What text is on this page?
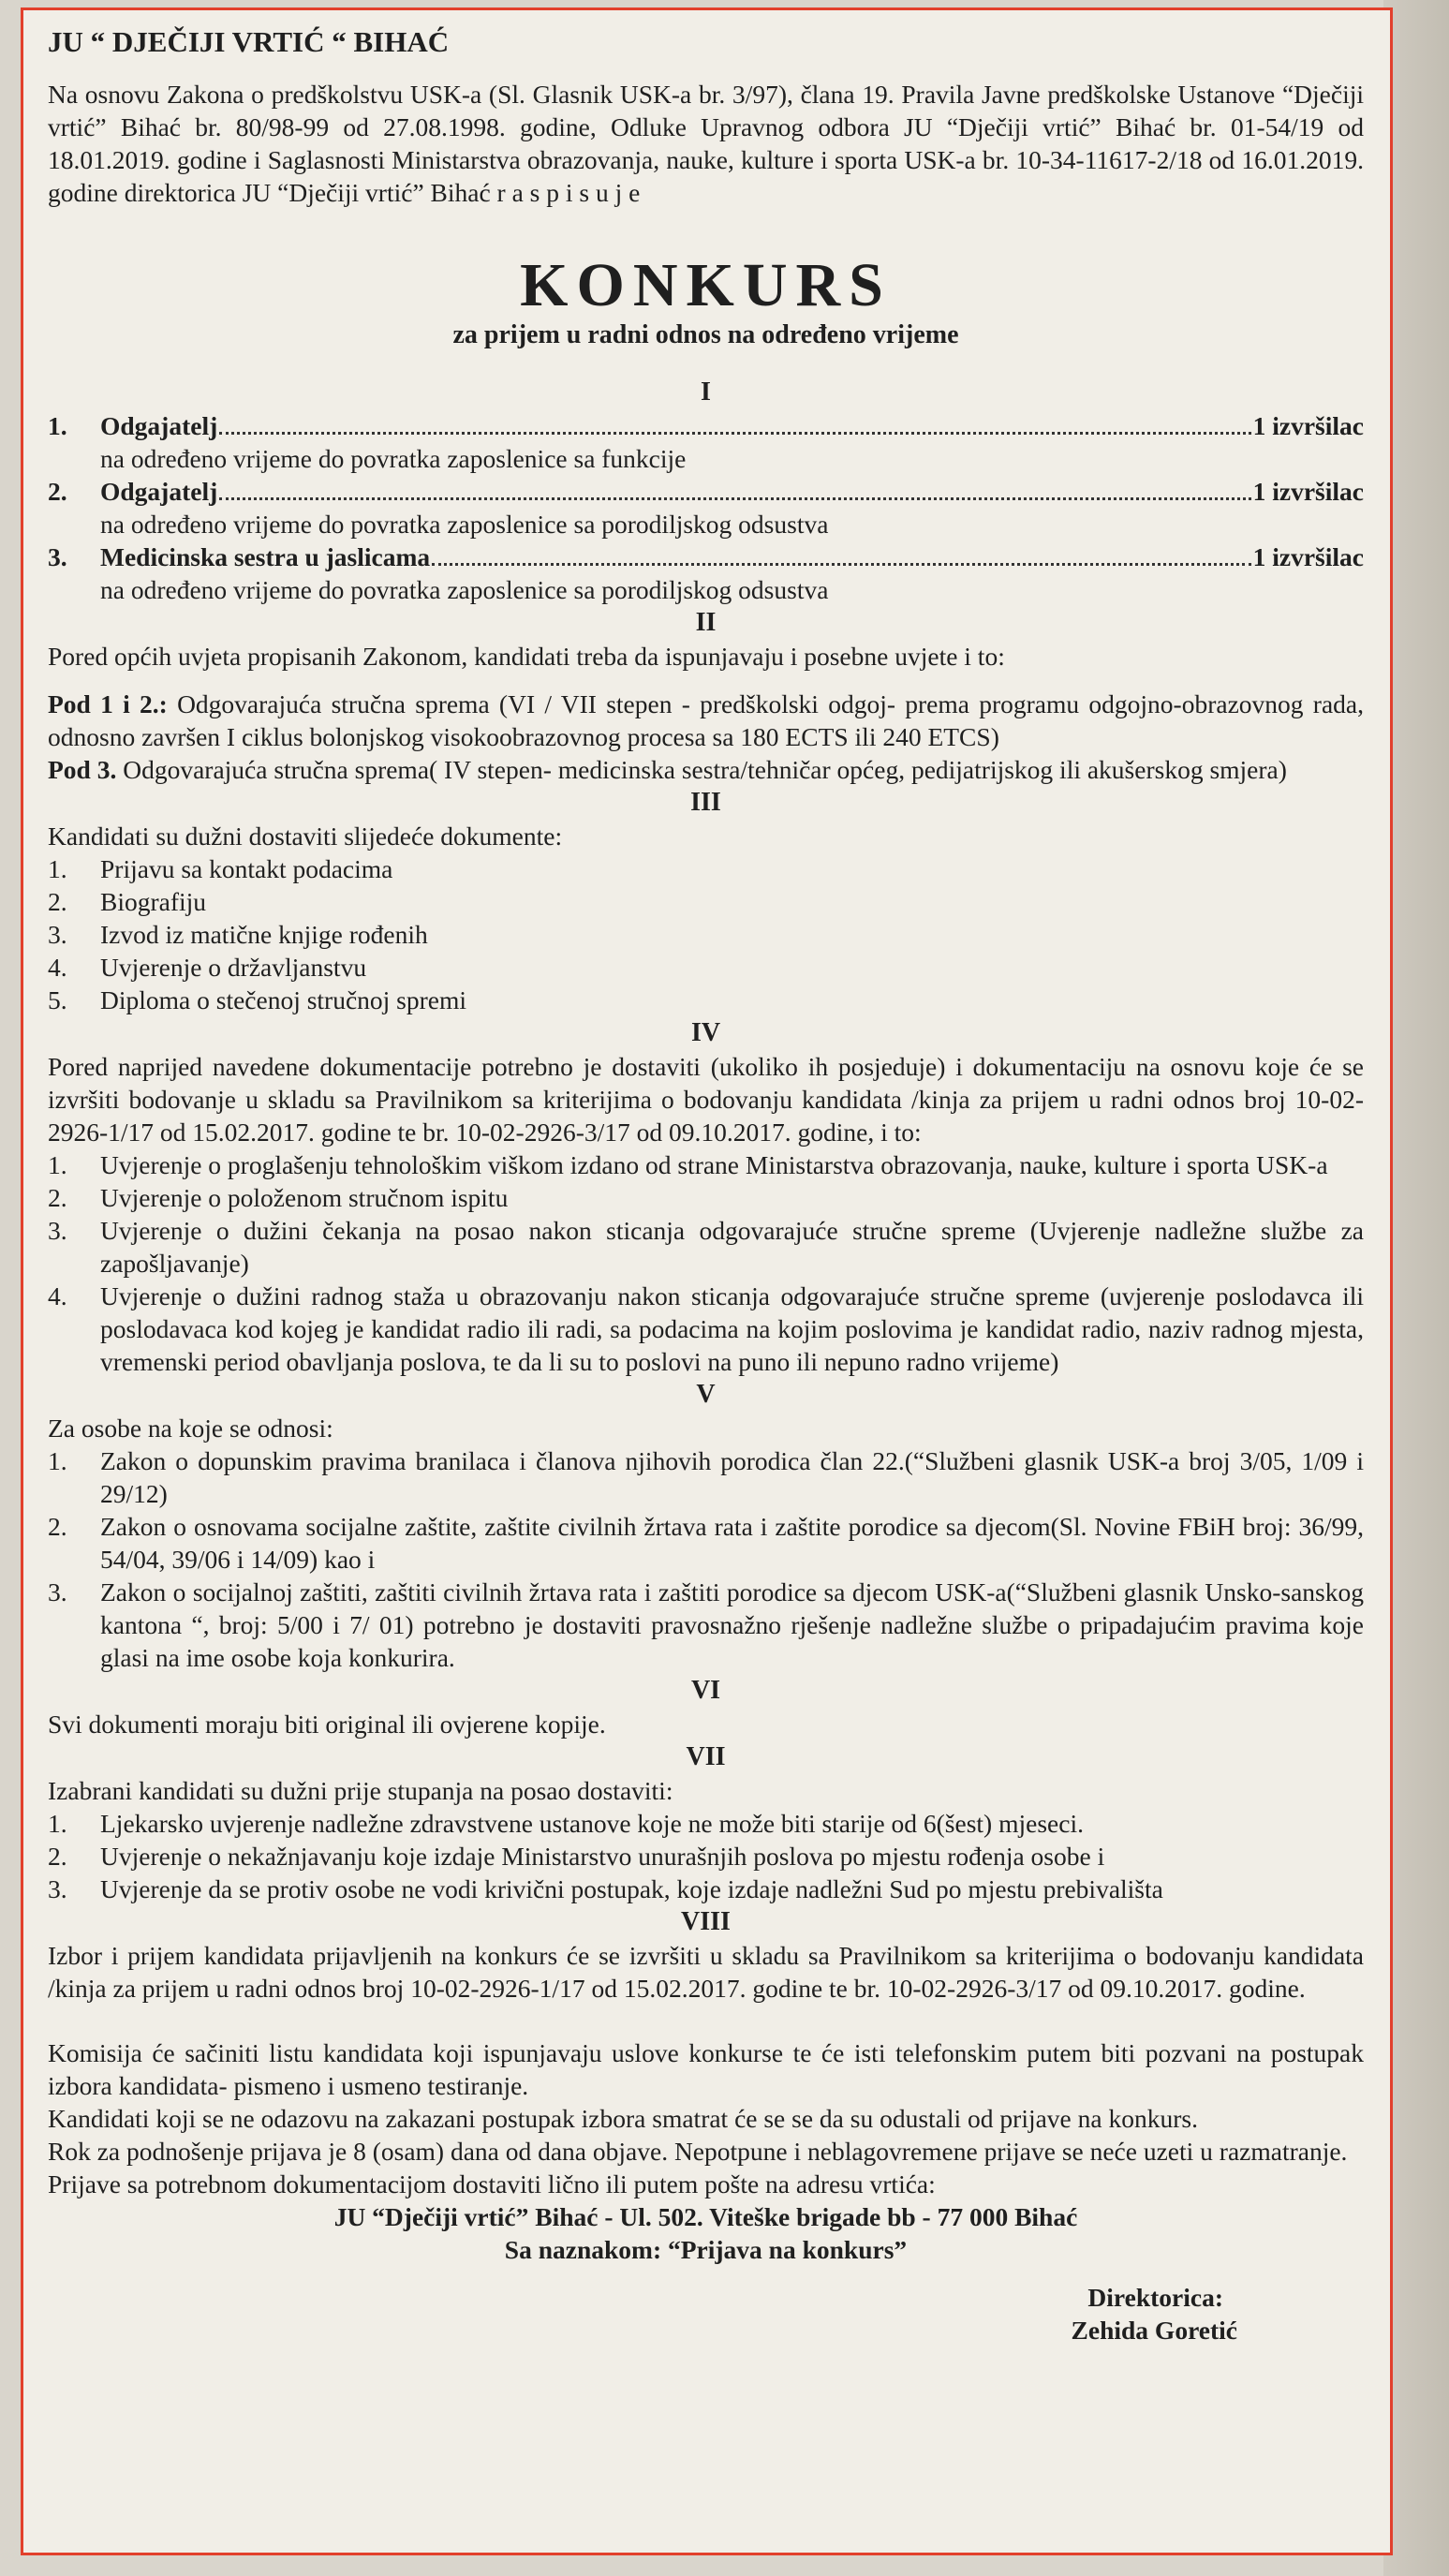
JU “ DJEČIJI VRTIĆ “ BIHAĆ

Na osnovu Zakona o predškolstvu USK-a (Sl. Glasnik USK-a br. 3/97), člana 19. Pravila Javne predškolske Ustanove “Dječiji vrtić” Bihać br. 80/98-99 od 27.08.1998. godine, Odluke Upravnog odbora JU “Dječiji vrtić” Bihać br. 01-54/19 od 18.01.2019. godine i Saglasnosti Ministarstva obrazovanja, nauke, kulture i sporta USK-a br. 10-34-11617-2/18 od 16.01.2019. godine direktorica JU “Dječiji vrtić” Bihać r a s p i s u j e

KONKURS
za prijem u radni odnos na određeno vrijeme
I
1.	Odgajatelj	1 izvršilac
na određeno vrijeme do povratka zaposlenice sa funkcije
2.	Odgajatelj	1 izvršilac
na određeno vrijeme do povratka zaposlenice sa porodiljskog odsustva
3.	Medicinska sestra u jaslicama	1 izvršilac
na određeno vrijeme do povratka zaposlenice sa porodiljskog odsustva
II

Pored općih uvjeta propisanih Zakonom, kandidati treba da ispunjavaju i posebne uvjete i to:

Pod 1 i 2.: Odgovarajuća stručna sprema (VI / VII stepen - predškolski odgoj- prema programu odgojno-obrazovnog rada, odnosno završen I ciklus bolonjskog visokoobrazovnog procesa sa 180 ECTS ili 240 ETCS)

Pod 3. Odgovarajuća stručna sprema( IV stepen- medicinska sestra/tehničar općeg, pedijatrijskog ili akušerskog smjera)

III

Kandidati su dužni dostaviti slijedeće dokumente:

1.	Prijavu sa kontakt podacima
2.	Biografiju
3.	Izvod iz matične knjige rođenih
4.	Uvjerenje o državljanstvu
5.	Diploma o stečenoj stručnoj spremi
IV

Pored naprijed navedene dokumentacije potrebno je dostaviti (ukoliko ih posjeduje) i dokumentaciju na osnovu koje će se izvršiti bodovanje u skladu sa Pravilnikom sa kriterijima o bodovanju kandidata /kinja za prijem u radni odnos broj 10-02-2926-1/17 od 15.02.2017. godine te br. 10-02-2926-3/17 od 09.10.2017. godine, i to:

1.	Uvjerenje o proglašenju tehnološkim viškom izdano od strane Ministarstva obrazovanja, nauke, kulture i sporta USK-a
2.	Uvjerenje o položenom stručnom ispitu
3.	Uvjerenje o dužini čekanja na posao nakon sticanja odgovarajuće stručne spreme (Uvjerenje nadležne službe za zapošljavanje)
4.	Uvjerenje o dužini radnog staža u obrazovanju nakon sticanja odgovarajuće stručne spreme (uvjerenje poslodavca ili poslodavaca kod kojeg je kandidat radio ili radi, sa podacima na kojim poslovima je kandidat radio, naziv radnog mjesta, vremenski period obavljanja poslova, te da li su to poslovi na puno ili nepuno radno vrijeme)
V

Za osobe na koje se odnosi:

1.	Zakon o dopunskim pravima branilaca i članova njihovih porodica član 22.(“Službeni glasnik USK-a broj 3/05, 1/09 i 29/12)
2.	Zakon o osnovama socijalne zaštite, zaštite civilnih žrtava rata i zaštite porodice sa djecom(Sl. Novine FBiH broj: 36/99, 54/04, 39/06 i 14/09) kao i
3.	Zakon o socijalnoj zaštiti, zaštiti civilnih žrtava rata i zaštiti porodice sa djecom USK-a(“Službeni glasnik Unsko-sanskog kantona “, broj: 5/00 i 7/ 01) potrebno je dostaviti pravosnažno rješenje nadležne službe o pripadajućim pravima koje glasi na ime osobe koja konkurira.
VI

Svi dokumenti moraju biti original ili ovjerene kopije.

VII

Izabrani kandidati su dužni prije stupanja na posao dostaviti:

1.	Ljekarsko uvjerenje nadležne zdravstvene ustanove koje ne može biti starije od 6(šest) mjeseci.
2.	Uvjerenje o nekažnjavanju koje izdaje Ministarstvo unurašnjih poslova po mjestu rođenja osobe i
3.	Uvjerenje da se protiv osobe ne vodi krivični postupak, koje izdaje nadležni Sud po mjestu prebivališta
VIII

Izbor i prijem kandidata prijavljenih na konkurs će se izvršiti u skladu sa Pravilnikom sa kriterijima o bodovanju kandidata /kinja za prijem u radni odnos broj 10-02-2926-1/17 od 15.02.2017. godine te br. 10-02-2926-3/17 od 09.10.2017. godine.

Komisija će sačiniti listu kandidata koji ispunjavaju uslove konkurse te će isti telefonskim putem biti pozvani na postupak izbora kandidata- pismeno i usmeno testiranje.

Kandidati koji se ne odazovu na zakazani postupak izbora smatrat će se se da su odustali od prijave na konkurs.

Rok za podnošenje prijava je 8 (osam) dana od dana objave. Nepotpune i neblagovremene prijave se neće uzeti u razmatranje.

Prijave sa potrebnom dokumentacijom dostaviti lično ili putem pošte na adresu vrtića:

JU “Dječiji vrtić” Bihać - Ul. 502. Viteške brigade bb - 77 000 Bihać

Sa naznakom: “Prijava na konkurs”

Direktorica:

Zehida Goretić
